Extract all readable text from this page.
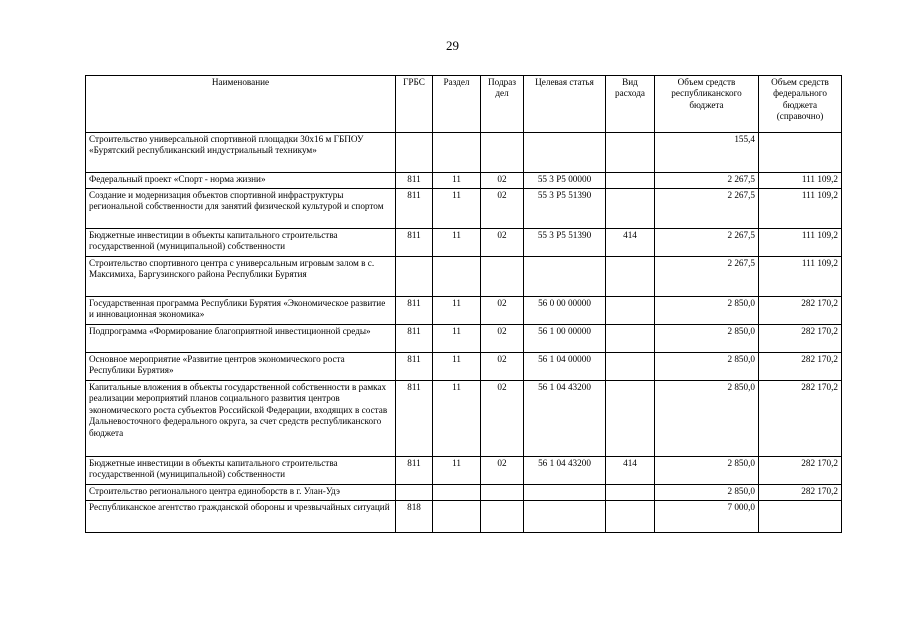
29
Наименование	ГРБС	Раздел	Подраз дел	Целевая статья	Вид расхода	Объем средств республиканского бюджета	Объем средств федерального бюджета (справочно)
Строительство универсальной спортивной площадки 30х16 м ГБПОУ «Бурятский республиканский индустриальный техникум»						155,4	
Федеральный проект «Спорт - норма жизни»	811	11	02	55 3 P5 00000		2 267,5	111 109,2
Создание и модернизация объектов спортивной инфраструктуры региональной собственности для занятий физической культурой и спортом	811	11	02	55 3 P5 51390		2 267,5	111 109,2
Бюджетные инвестиции в объекты капитального строительства государственной (муниципальной) собственности	811	11	02	55 3 P5 51390	414	2 267,5	111 109,2
Строительство спортивного центра с универсальным игровым залом в с. Максимиха, Баргузинского района Республики Бурятия						2 267,5	111 109,2
Государственная программа Республики Бурятия «Экономическое развитие и инновационная экономика»	811	11	02	56 0 00 00000		2 850,0	282 170,2
Подпрограмма «Формирование благоприятной инвестиционной среды»	811	11	02	56 1 00 00000		2 850,0	282 170,2
Основное мероприятие «Развитие центров экономического роста Республики Бурятия»	811	11	02	56 1 04 00000		2 850,0	282 170,2
Капитальные вложения в объекты государственной собственности в рамках реализации мероприятий планов социального развития центров экономического роста субъектов Российской Федерации, входящих в состав Дальневосточного федерального округа, за счет средств республиканского бюджета	811	11	02	56 1 04 43200		2 850,0	282 170,2
Бюджетные инвестиции в объекты капитального строительства государственной (муниципальной) собственности	811	11	02	56 1 04 43200	414	2 850,0	282 170,2
Строительство регионального центра единоборств в г. Улан-Удэ						2 850,0	282 170,2
Республиканское агентство гражданской обороны и чрезвычайных ситуаций	818					7 000,0	
